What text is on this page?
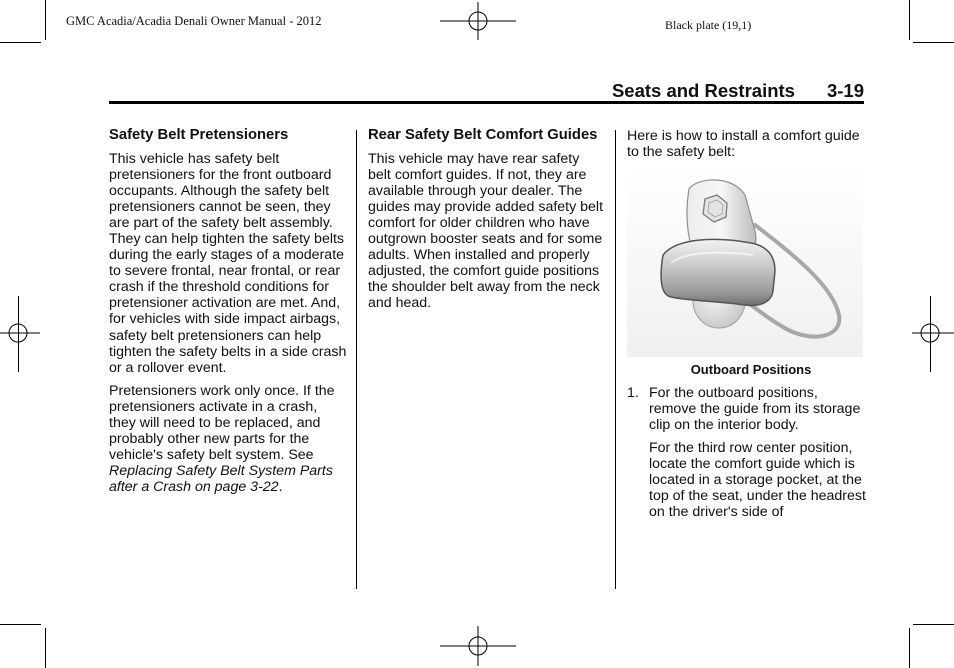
GMC Acadia/Acadia Denali Owner Manual - 2012	Black plate (19,1)
Seats and Restraints 3-19
Safety Belt Pretensioners

This vehicle has safety belt pretensioners for the front outboard occupants. Although the safety belt pretensioners cannot be seen, they are part of the safety belt assembly. They can help tighten the safety belts during the early stages of a moderate to severe frontal, near frontal, or rear crash if the threshold conditions for pretensioner activation are met. And, for vehicles with side impact airbags, safety belt pretensioners can help tighten the safety belts in a side crash or a rollover event.

Pretensioners work only once. If the pretensioners activate in a crash, they will need to be replaced, and probably other new parts for the vehicle's safety belt system. See Replacing Safety Belt System Parts after a Crash on page 3-22.

Rear Safety Belt Comfort Guides

This vehicle may have rear safety belt comfort guides. If not, they are available through your dealer. The guides may provide added safety belt comfort for older children who have outgrown booster seats and for some adults. When installed and properly adjusted, the comfort guide positions the shoulder belt away from the neck and head.

Here is how to install a comfort guide to the safety belt:

Outboard Positions
1. For the outboard positions, remove the guide from its storage clip on the interior body.
For the third row center position, locate the comfort guide which is located in a storage pocket, at the top of the seat, under the headrest on the driver's side of
